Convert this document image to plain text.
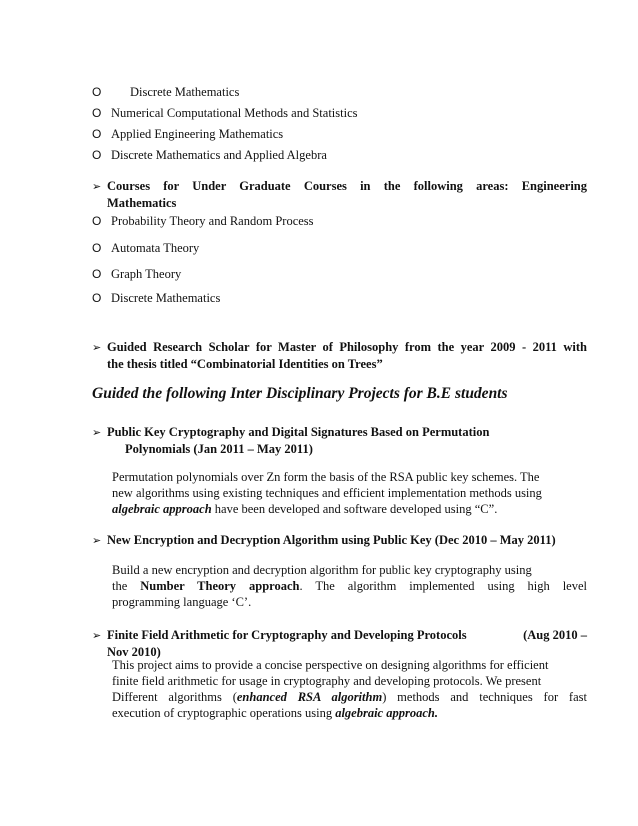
O Discrete Mathematics
O Numerical Computational Methods and Statistics
O Applied Engineering Mathematics
O Discrete Mathematics and Applied Algebra
➢ Courses for Under Graduate Courses in the following areas: Engineering
Mathematics
O Probability Theory and Random Process
O Automata Theory
O Graph Theory
O Discrete Mathematics
➢ Guided Research Scholar for Master of Philosophy from the year 2009 - 2011 with
the thesis titled “Combinatorial Identities on Trees”
Guided the following Inter Disciplinary Projects for B.E students
➢ Public Key Cryptography and Digital Signatures Based on Permutation
Polynomials (Jan 2011 – May 2011)
Permutation polynomials over Zn form the basis of the RSA public key schemes. The
new algorithms using existing techniques and efficient implementation methods using
algebraic approach have been developed and software developed using “C”.
➢ New Encryption and Decryption Algorithm using Public Key (Dec 2010 – May 2011)
Build a new encryption and decryption algorithm for public key cryptography using
the Number Theory approach. The algorithm implemented using high level
programming language ‘C’.
➢ Finite Field Arithmetic for Cryptography and Developing Protocols	(Aug 2010 –
Nov 2010)
This project aims to provide a concise perspective on designing algorithms for efficient
finite field arithmetic for usage in cryptography and developing protocols. We present
Different algorithms (enhanced RSA algorithm) methods and techniques for fast
execution of cryptographic operations using algebraic approach.
